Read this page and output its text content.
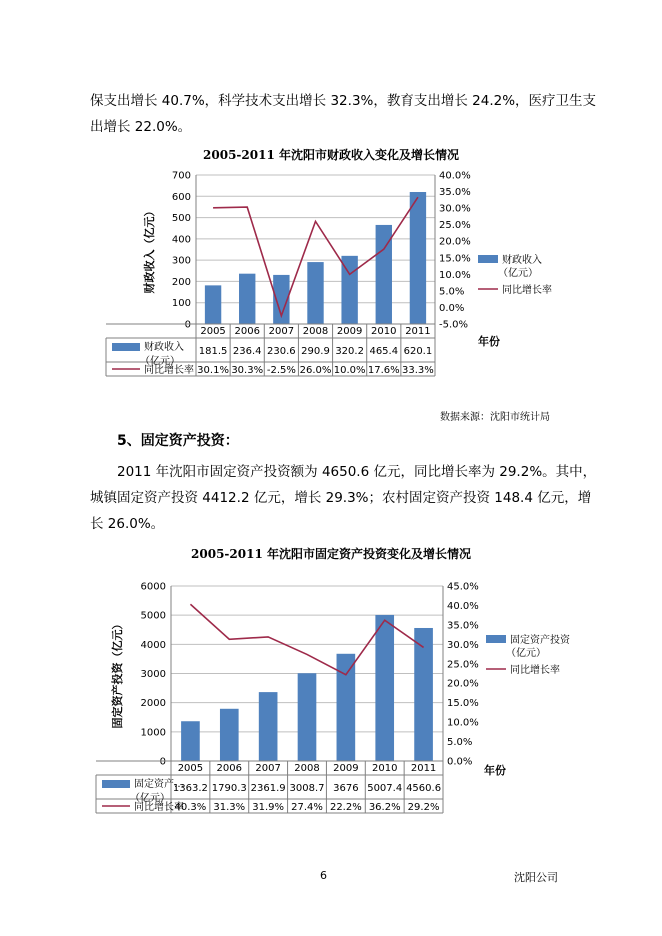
保支出增长 40.7%，科学技术支出增长 32.3%，教育支出增长 24.2%，医疗卫生支
出增长 22.0%。
2005-2011 年沈阳市财政收入变化及增长情况
0
100
200
300
400
500
600
700
-5.0%
0.0%
5.0%
10.0%
15.0%
20.0%
25.0%
30.0%
35.0%
40.0%
财政收入（亿元）
2005 2006 2007 2008 2009 2010 2011
财政收入
（亿元）
181.5 236.4 230.6 290.9 320.2 465.4 620.1
同比增长率 30.1% 30.3% -2.5% 26.0% 10.0% 17.6% 33.3%
财政收入
（亿元）
同比增长率
年份
数据来源：沈阳市统计局
5、固定资产投资：
2011 年沈阳市固定资产投资额为 4650.6 亿元，同比增长率为 29.2%。其中，
城镇固定资产投资 4412.2 亿元，增长 29.3%；农村固定资产投资 148.4 亿元，增
长 26.0%。
2005-2011 年沈阳市固定资产投资变化及增长情况
0
1000
2000
3000
4000
5000
6000
0.0%
5.0%
10.0%
15.0%
20.0%
25.0%
30.0%
35.0%
40.0%
45.0%
固定资产投资（亿元）
2005 2006 2007 2008 2009 2010 2011
固定资产…
（亿元）
1363.2 1790.3 2361.9 3008.7 3676 5007.4 4560.6
同比增长率
40.3% 31.3% 31.9% 27.4% 22.2% 36.2% 29.2%
固定资产投资
（亿元）
同比增长率
年份
6	沈阳公司
